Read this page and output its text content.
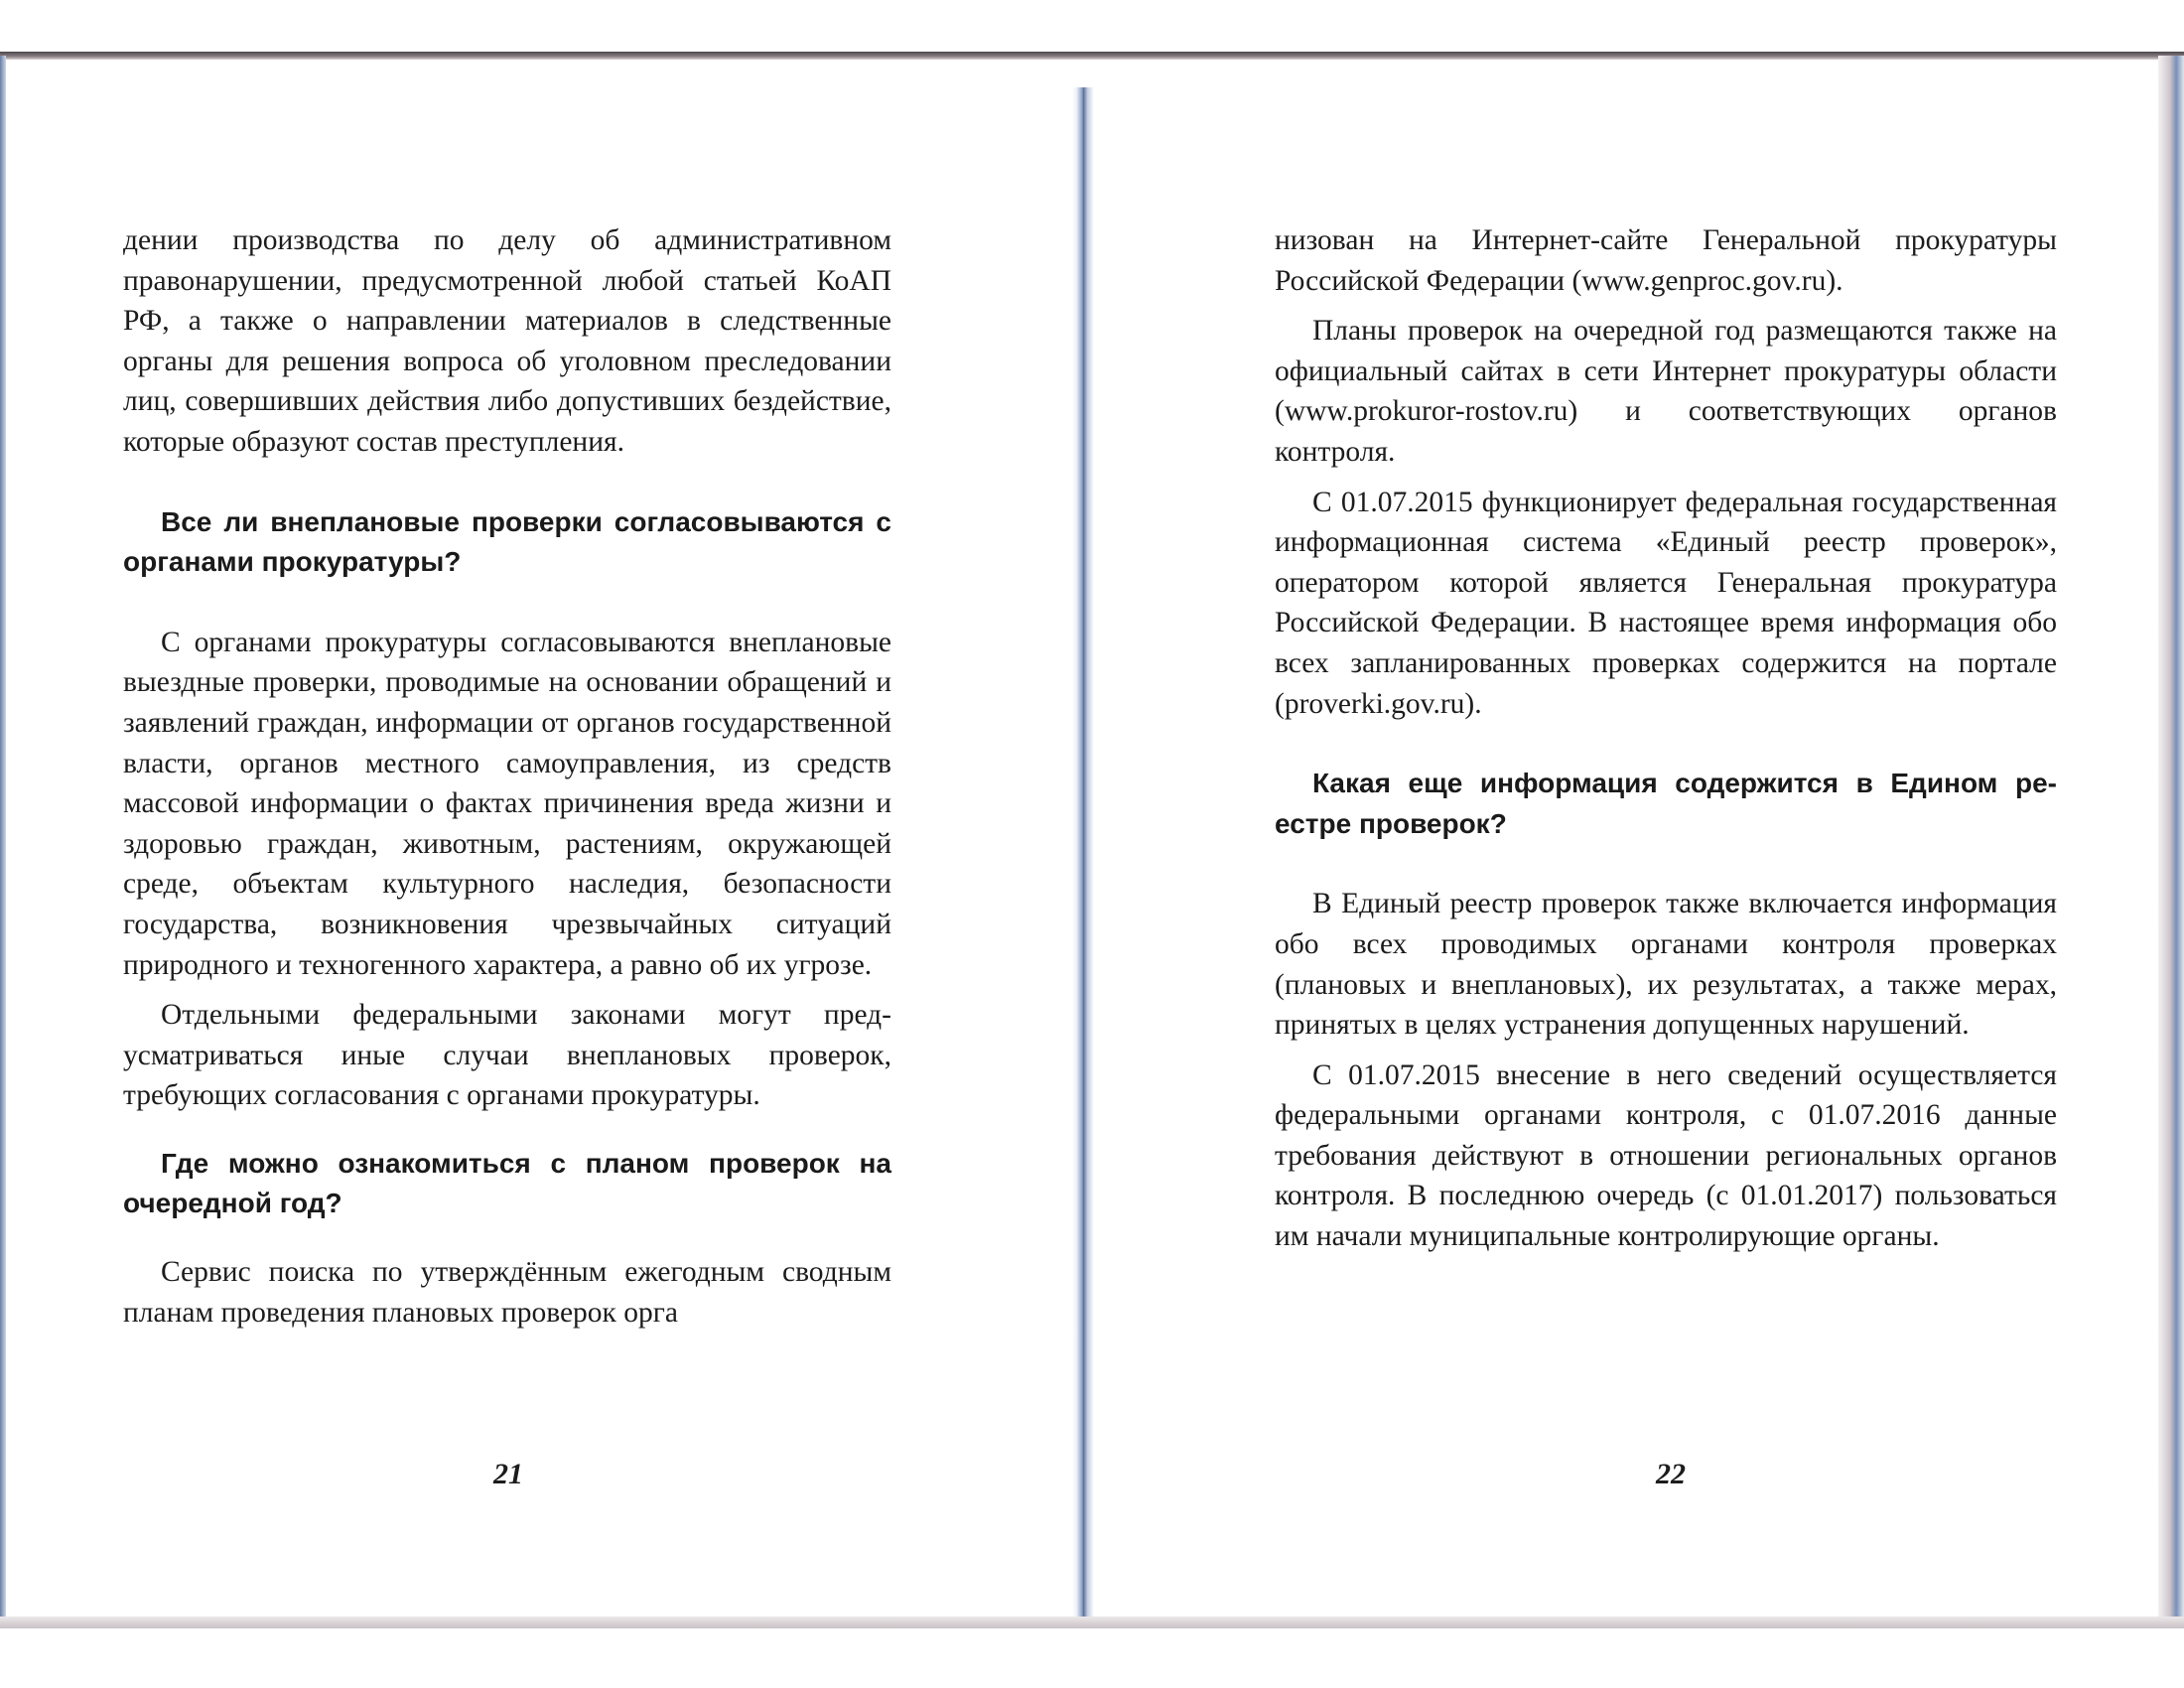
дении производства по делу об административном правонарушении, предусмотренной любой статьей КоАП РФ, а также о направлении материалов в следственные органы для решения вопроса об уголовном преследовании лиц, совершивших действия либо допустивших бездействие, которые образуют состав преступления.

Все ли внеплановые проверки согласовываются с органами прокуратуры?

С органами прокуратуры согласовываются внеплановые выездные проверки, проводимые на основании обращений и заявлений граждан, информации от органов государственной власти, органов местного самоуправления, из средств массовой информации о фактах причинения вреда жизни и здоровью граждан, животным, растениям, окружающей среде, объектам культурного наследия, безопасности государства, возникновения чрезвычайных ситуаций природного и техногенного характера, а равно об их угрозе.

Отдельными федеральными законами могут предусматриваться иные случаи внеплановых проверок, требующих согласования с органами прокуратуры.

Где можно ознакомиться с планом проверок на очередной год?

Сервис поиска по утверждённым ежегодным сводным планам проведения плановых проверок орга

низован на Интернет-сайте Генеральной прокуратуры Российской Федерации (www.genproc.gov.ru).

Планы проверок на очередной год размещаются также на официальный сайтах в сети Интернет прокуратуры области (www.prokuror-rostov.ru) и соответствующих органов контроля.

С 01.07.2015 функционирует федеральная государственная информационная система «Единый реестр проверок», оператором которой является Генеральная прокуратура Российской Федерации. В настоящее время информация обо всех запланированных проверках содержится на портале (proverki.gov.ru).

Какая еще информация содержится в Едином реестре проверок?

В Единый реестр проверок также включается информация обо всех проводимых органами контроля проверках (плановых и внеплановых), их результатах, а также мерах, принятых в целях устранения допущенных нарушений.

С 01.07.2015 внесение в него сведений осуществляется федеральными органами контроля, с 01.07.2016 данные требования действуют в отношении региональных органов контроля. В последнюю очередь (с 01.01.2017) пользоваться им начали муниципальные контролирующие органы.

21	22
